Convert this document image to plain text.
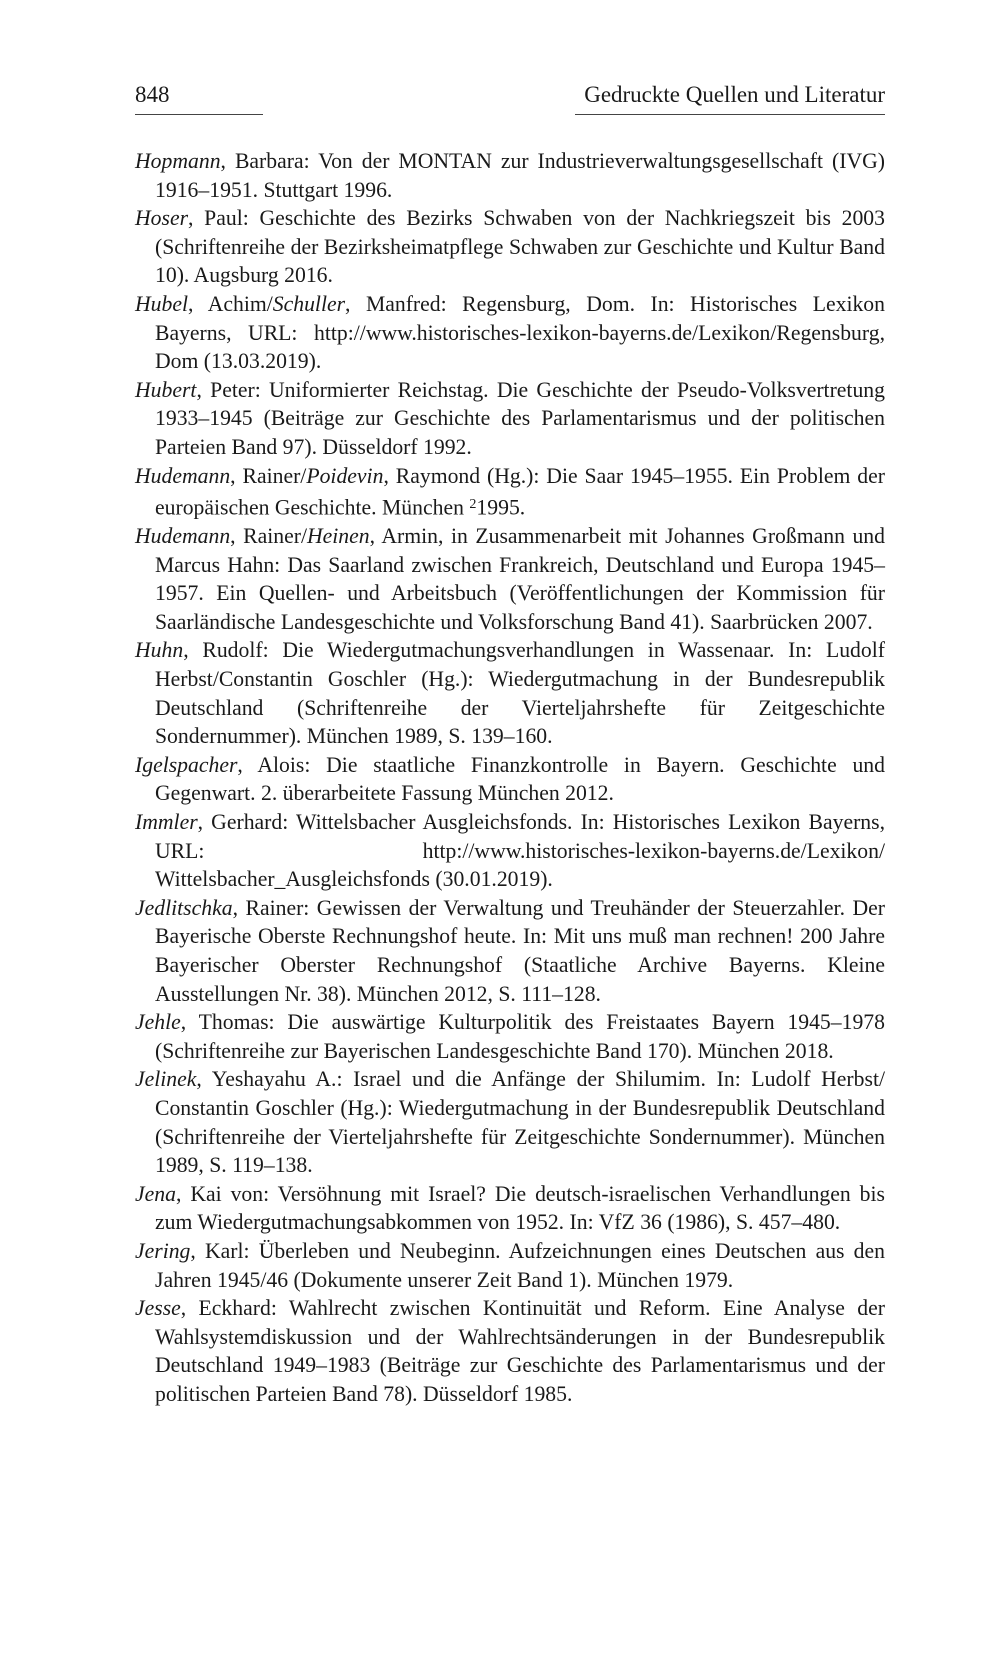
848	Gedruckte Quellen und Literatur

Hopmann, Barbara: Von der MONTAN zur Industrieverwaltungsgesellschaft (IVG) 1916–1951. Stuttgart 1996.

Hoser, Paul: Geschichte des Bezirks Schwaben von der Nachkriegszeit bis 2003 (Schriftenreihe der Bezirksheimatpflege Schwaben zur Geschichte und Kultur Band 10). Augsburg 2016.

Hubel, Achim/Schuller, Manfred: Regensburg, Dom. In: Historisches Lexikon Bayerns, URL: http://www.historisches-lexikon-bayerns.de/Lexikon/Regensburg, Dom (13.03.2019).

Hubert, Peter: Uniformierter Reichstag. Die Geschichte der Pseudo-Volksvertretung 1933–1945 (Beiträge zur Geschichte des Parlamentarismus und der politischen Parteien Band 97). Düsseldorf 1992.

Hudemann, Rainer/Poidevin, Raymond (Hg.): Die Saar 1945–1955. Ein Problem der europäischen Geschichte. München $^2$1995.

Hudemann, Rainer/Heinen, Armin, in Zusammenarbeit mit Johannes Großmann und Marcus Hahn: Das Saarland zwischen Frankreich, Deutschland und Europa 1945–1957. Ein Quellen- und Arbeitsbuch (Veröffentlichungen der Kommission für Saarländische Landesgeschichte und Volksforschung Band 41). Saarbrücken 2007.

Huhn, Rudolf: Die Wiedergutmachungsverhandlungen in Wassenaar. In: Ludolf Herbst/Constantin Goschler (Hg.): Wiedergutmachung in der Bundesrepublik Deutschland (Schriftenreihe der Vierteljahrshefte für Zeitgeschichte Sondernummer). München 1989, S. 139–160.

Igelspacher, Alois: Die staatliche Finanzkontrolle in Bayern. Geschichte und Gegenwart. 2. überarbeitete Fassung München 2012.

Immler, Gerhard: Wittelsbacher Ausgleichsfonds. In: Historisches Lexikon Bayerns, URL: http://www.historisches-lexikon-bayerns.de/Lexikon/ Wittelsbacher_Ausgleichsfonds (30.01.2019).

Jedlitschka, Rainer: Gewissen der Verwaltung und Treuhänder der Steuerzahler. Der Bayerische Oberste Rechnungshof heute. In: Mit uns muß man rechnen! 200 Jahre Bayerischer Oberster Rechnungshof (Staatliche Archive Bayerns. Kleine Ausstellungen Nr. 38). München 2012, S. 111–128.

Jehle, Thomas: Die auswärtige Kulturpolitik des Freistaates Bayern 1945–1978 (Schriftenreihe zur Bayerischen Landesgeschichte Band 170). München 2018.

Jelinek, Yeshayahu A.: Israel und die Anfänge der Shilumim. In: Ludolf Herbst/ Constantin Goschler (Hg.): Wiedergutmachung in der Bundesrepublik Deutschland (Schriftenreihe der Vierteljahrshefte für Zeitgeschichte Sondernummer). München 1989, S. 119–138.

Jena, Kai von: Versöhnung mit Israel? Die deutsch-israelischen Verhandlungen bis zum Wiedergutmachungsabkommen von 1952. In: VfZ 36 (1986), S. 457–480.

Jering, Karl: Überleben und Neubeginn. Aufzeichnungen eines Deutschen aus den Jahren 1945/46 (Dokumente unserer Zeit Band 1). München 1979.

Jesse, Eckhard: Wahlrecht zwischen Kontinuität und Reform. Eine Analyse der Wahlsystemdiskussion und der Wahlrechtsänderungen in der Bundesrepublik Deutschland 1949–1983 (Beiträge zur Geschichte des Parlamentarismus und der politischen Parteien Band 78). Düsseldorf 1985.
